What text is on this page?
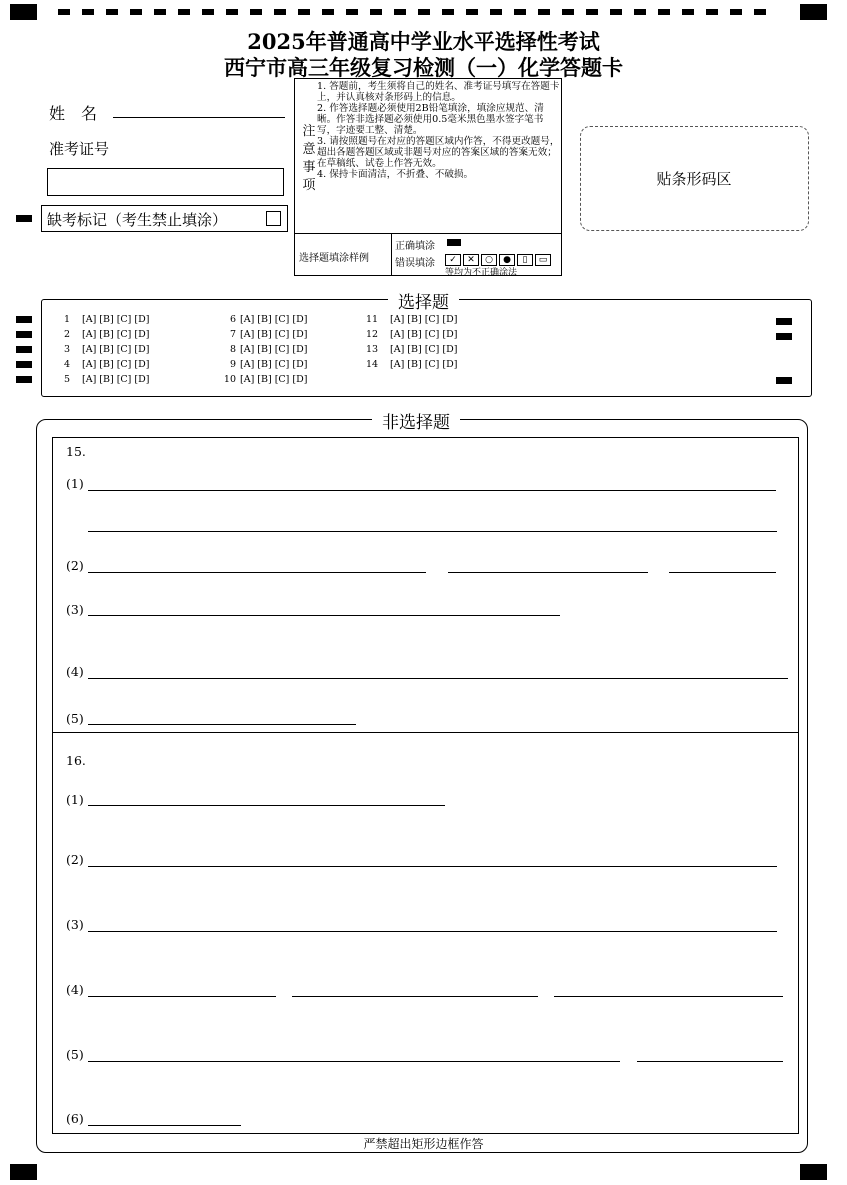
2025年普通高中学业水平选择性考试
西宁市高三年级复习检测（一）化学答题卡
姓　名
准考证号
缺考标记（考生禁止填涂）
注意事项
1. 答题前，考生须将自己的姓名、准考证号填写在答题卡上，并认真核对条形码上的信息。
2. 作答选择题必须使用2B铅笔填涂，填涂应规范、清晰。作答非选择题必须使用0.5毫米黑色墨水签字笔书写，字迹要工整、清楚。
3. 请按照题号在对应的答题区域内作答，不得更改题号，超出各题答题区域或非题号对应的答案区域的答案无效；在草稿纸、试卷上作答无效。
4. 保持卡面清洁，不折叠、不破损。
选择题填涂样例
正确填涂
错误填涂	✓ ✕ ○ ● ▯ ▭
等均为不正确涂法
贴条形码区
选择题
1 [A] [B] [C] [D]
2 [A] [B] [C] [D]
3 [A] [B] [C] [D]
4 [A] [B] [C] [D]
5 [A] [B] [C] [D]
6 [A] [B] [C] [D]
7 [A] [B] [C] [D]
8 [A] [B] [C] [D]
9 [A] [B] [C] [D]
10 [A] [B] [C] [D]
11 [A] [B] [C] [D]
12 [A] [B] [C] [D]
13 [A] [B] [C] [D]
14 [A] [B] [C] [D]
非选择题
15.
(1)
(2)
(3)
(4)
(5)
16.
(1)
(2)
(3)
(4)
(5)
(6)
严禁超出矩形边框作答
